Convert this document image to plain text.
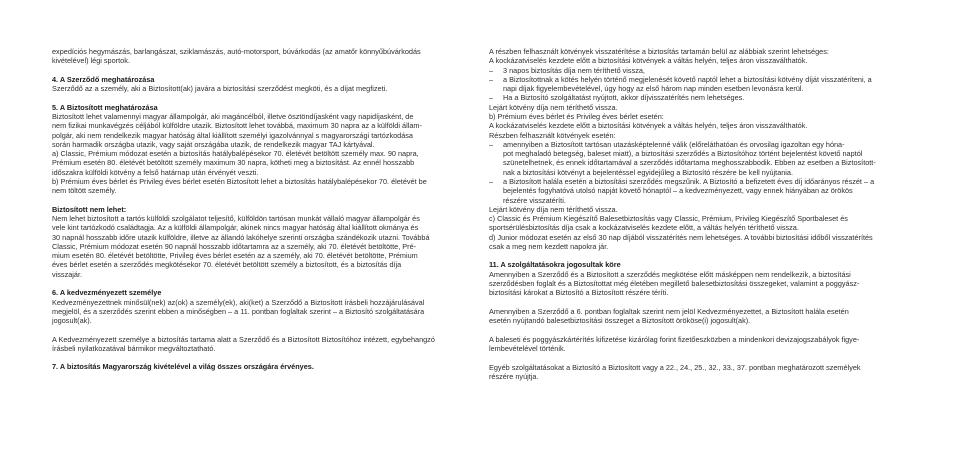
expedíciós hegymászás, barlangászat, sziklamászás, autó-motorsport, búvárkodás (az amatőr könnyűbúvárkodás
kivételével) légi sportok.

4. A Szerződő meghatározása

Szerződő az a személy, aki a Biztosított(ak) javára a biztosítási szerződést megköti, és a díjat megfizeti.

5. A Biztosított meghatározása

Biztosított lehet valamennyi magyar állampolgár, aki magáncélból, illetve ösztöndíjasként vagy napidíjasként, de
nem fizikai munkavégzés céljából külföldre utazik. Biztosított lehet továbbá, maximum 30 napra az a külföldi állam-
polgár, aki nem rendelkezik magyar hatóság által kiállított személyi igazolvánnyal s magyarországi tartózkodása
során harmadik országba utazik, vagy saját országába utazik, de rendelkezik magyar TAJ kártyával.

a) Classic, Prémium módozat esetén a biztosítás hatálybalépésekor 70. életévét betöltött személy max. 90 napra,
Prémium esetén 80. életévét betöltött személy maximum 30 napra, kötheti meg a biztosítást. Az ennél hosszabb
időszakra külföldi kötvény a felső határnap után érvényét veszti.

b) Prémium éves bérlet és Privileg éves bérlet esetén Biztosított lehet a biztosítás hatálybalépésekor 70. életévét be
nem töltött személy.

Biztosított nem lehet:

Nem lehet biztosított a tartós külföldi szolgálatot teljesítő, külföldön tartósan munkát vállaló magyar állampolgár és
vele kint tartózkodó családtagja. Az a külföldi állampolgár, akinek nincs magyar hatóság által kiállított okmánya és
30 napnál hosszabb időre utazik külföldre, illetve az állandó lakóhelye szerinti országba szándékozik utazni. Továbbá
Classic, Prémium módozat esetén 90 napnál hosszabb időtartamra az a személy, aki 70. életévét betöltötte, Pré-
mium esetén 80. életévét betöltötte, Privileg éves bérlet esetén az a személy, aki 70. életévét betöltötte, Prémium
éves bérlet esetén a szerződés megkötésekor 70. életévét betöltött személy a biztosított, és a biztosítás díja
visszajár.

6. A kedvezményezett személye

Kedvezményezettnek minősül(nek) az(ok) a személy(ek), aki(ket) a Szerződő a Biztosított írásbeli hozzájárulásával
megjelöl, és a szerződés szerint ebben a minőségben – a 11. pontban foglaltak szerint – a Biztosító szolgáltatására
jogosult(ak).

A Kedvezményezett személye a biztosítás tartama alatt a Szerződő és a Biztosított Biztosítóhoz intézett, egybehangzó
írásbeli nyilatkozatával bármikor megváltoztatható.

7. A biztosítás Magyarország kivételével a világ összes országára érvényes.

A részben felhasznált kötvények visszatérítése a biztosítás tartamán belül az alábbiak szerint lehetséges:
A kockázatviselés kezdete előtt a biztosítási kötvények a váltás helyén, teljes áron visszaválthatók.

–	3 napos biztosítás díja nem téríthető vissza,
–	a Biztosítottnak a kötés helyén történő megjelenését követő naptól lehet a biztosítási kötvény díját visszatéríteni, a
napi díjak figyelembevételével, úgy hogy az első három nap minden esetben levonásra kerül.
–	Ha a Biztosító szolgáltatást nyújtott, akkor díjvisszatérítés nem lehetséges.

Lejárt kötvény díja nem téríthető vissza.

b) Prémium éves bérlet és Privileg éves bérlet esetén:
A kockázatviselés kezdete előtt a biztosítási kötvények a váltás helyén, teljes áron visszaválthatók.
Részben felhasznált kötvények esetén:

–	amennyiben a Biztosított tartósan utazásképtelenné válik (előreláthatóan és orvosilag igazoltan egy hóna-
pot meghaladó betegség, baleset miatt), a biztosítási szerződés a Biztosítóhoz történt bejelentést követő naptól
szünetelhetnek, és ennek időtartamával a szerződés időtartama meghosszabbodik. Ebben az esetben a Biztosított-
nak a biztosítási kötvényt a bejelentéssel egyidejűleg a Biztosító részére be kell nyújtania.
–	a Biztosított halála esetén a biztosítási szerződés megszűnik. A Biztosító a befizetett éves díj időarányos részét – a
bejelentés fogyhatóvá utolsó napját követő hónaptól – a kedvezményezett, vagy ennek hiányában az örökös
részére visszatéríti.

Lejárt kötvény díja nem téríthető vissza.

c) Classic és Prémium Kiegészítő Balesetbiztosítás vagy Classic, Prémium, Privileg Kiegészítő Sportbaleset és
sportsérülésbiztosítás díja csak a kockázatviselés kezdete előtt, a váltás helyén téríthető vissza.

d) Junior módozat esetén az első 30 nap díjából visszatérítés nem lehetséges. A további biztosítási időből visszatérítés
csak a meg nem kezdett napokra jár.

11. A szolgáltatásokra jogosultak köre

Amennyiben a Szerződő és a Biztosított a szerződés megkötése előtt másképpen nem rendelkezik, a biztosítási
szerződésben foglalt és a Biztosítottat még életében megillető balesetbiztosítási összegeket, valamint a poggyász-
biztosítási károkat a Biztosító a Biztosított részére téríti.

Amennyiben a Szerződő a 6. pontban foglaltak szerint nem jelöl Kedvezményezettet, a Biztosított halála esetén
esetén nyújtandó balesetbiztosítási összeget a Biztosított örököse(i) jogosult(ak).

A baleseti és poggyászkártérítés kifizetése kizárólag forint fizetőeszközben a mindenkori devizajogszabályok figye-
lembevételével történik.

Egyéb szolgáltatásokat a Biztosító a Biztosított vagy a 22., 24., 25., 32., 33., 37. pontban meghatározott személyek
részére nyújtja.
